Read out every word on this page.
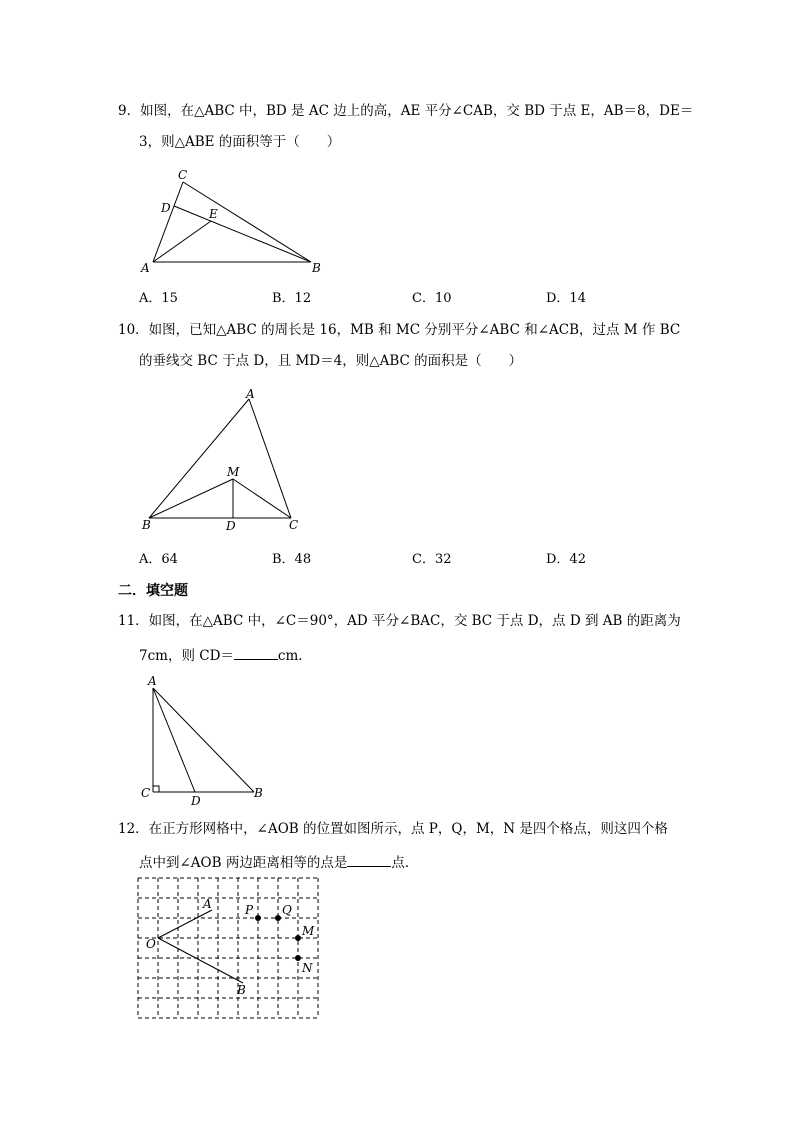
9．如图，在△ABC 中，BD 是 AC 边上的高，AE 平分∠CAB，交 BD 于点 E，AB＝8，DE＝
3，则△ABE 的面积等于（　　）
C
D	E
A	B
A．15	B．12	C．10	D．14
10．如图，已知△ABC 的周长是 16，MB 和 MC 分别平分∠ABC 和∠ACB，过点 M 作 BC
的垂线交 BC 于点 D，且 MD＝4，则△ABC 的面积是（　　）
A
M
B	D	C
A．64	B．48	C．32	D．42
二．填空题
11．如图，在△ABC 中，∠C＝90°，AD 平分∠BAC，交 BC 于点 D，点 D 到 AB 的距离为
7cm，则 CD＝	cm．
A
C
D
B
12．在正方形网格中，∠AOB 的位置如图所示，点 P，Q，M，N 是四个格点，则这四个格
点中到∠AOB 两边距离相等的点是	点．
O
A
B
P Q
M
N
